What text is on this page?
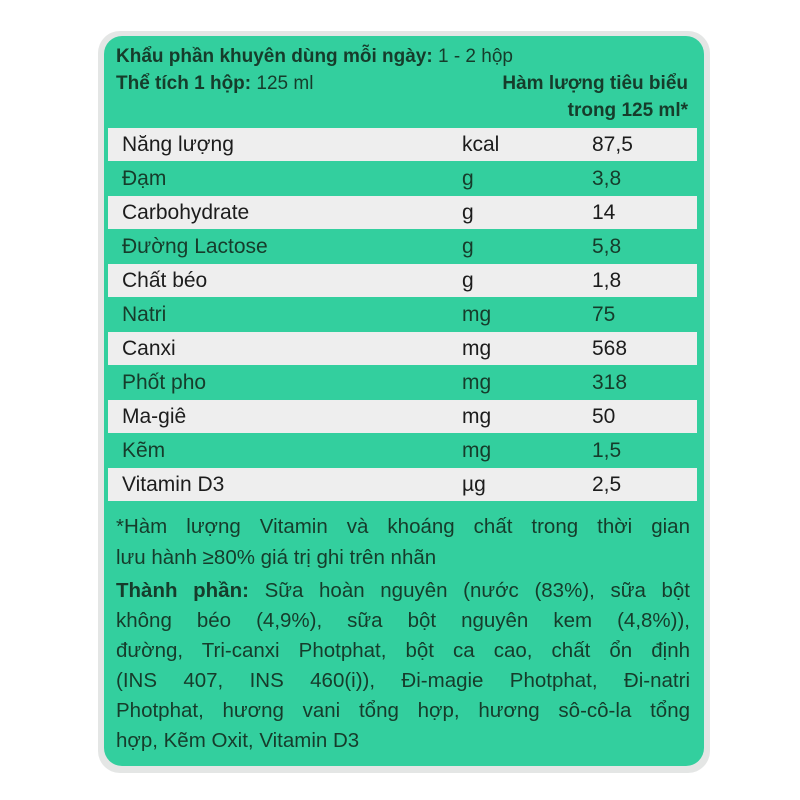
Khẩu phần khuyên dùng mỗi ngày: 1 - 2 hộp
Thể tích 1 hộp: 125 ml	Hàm lượng tiêu biểu
trong 125 ml*
Năng lượng	kcal	87,5
Đạm	g	3,8
Carbohydrate	g	14
Đường Lactose	g	5,8
Chất béo	g	1,8
Natri	mg	75
Canxi	mg	568
Phốt pho	mg	318
Ma-giê	mg	50
Kẽm	mg	1,5
Vitamin D3	µg	2,5
*Hàm lượng Vitamin và khoáng chất trong thời gian
lưu hành ≥80% giá trị ghi trên nhãn
Thành phần: Sữa hoàn nguyên (nước (83%), sữa bột
không béo (4,9%), sữa bột nguyên kem (4,8%)),
đường, Tri-canxi Photphat, bột ca cao, chất ổn định
(INS 407, INS 460(i)), Đi-magie Photphat, Đi-natri
Photphat, hương vani tổng hợp, hương sô-cô-la tổng
hợp, Kẽm Oxit, Vitamin D3
